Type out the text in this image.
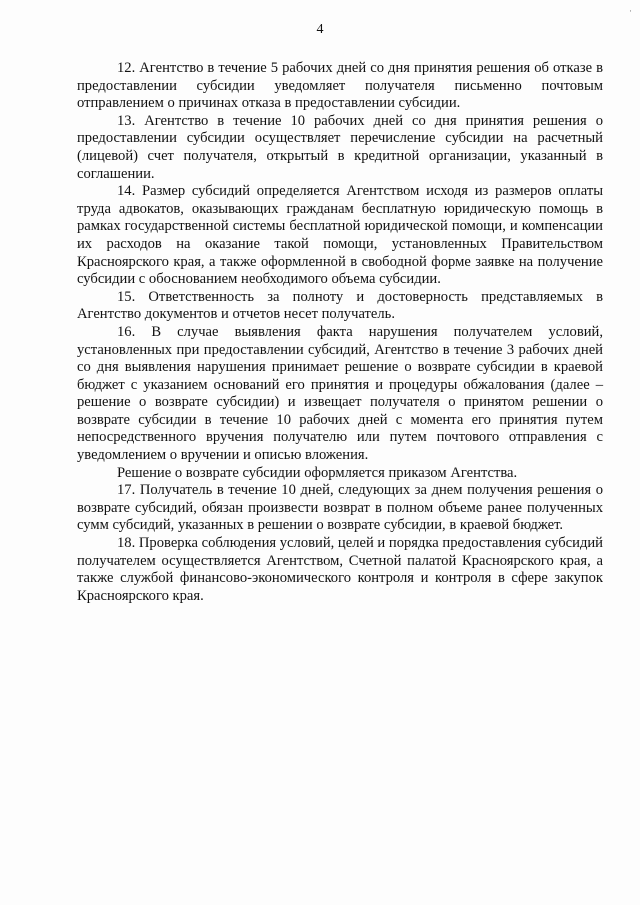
·
4

12. Агентство в течение 5 рабочих дней со дня принятия решения об отказе в предоставлении субсидии уведомляет получателя письменно почтовым отправлением о причинах отказа в предоставлении субсидии.

13. Агентство в течение 10 рабочих дней со дня принятия решения о предоставлении субсидии осуществляет перечисление субсидии на расчетный (лицевой) счет получателя, открытый в кредитной организации, указанный в соглашении.

14. Размер субсидий определяется Агентством исходя из размеров оплаты труда адвокатов, оказывающих гражданам бесплатную юридическую помощь в рамках государственной системы бесплатной юридической помощи, и компенсации их расходов на оказание такой помощи, установленных Правительством Красноярского края, а также оформленной в свободной форме заявке на получение субсидии с обоснованием необходимого объема субсидии.

15. Ответственность за полноту и достоверность представляемых в Агентство документов и отчетов несет получатель.

16. В случае выявления факта нарушения получателем условий, установленных при предоставлении субсидий, Агентство в течение 3 рабочих дней со дня выявления нарушения принимает решение о возврате субсидии в краевой бюджет с указанием оснований его принятия и процедуры обжалования (далее – решение о возврате субсидии) и извещает получателя о принятом решении о возврате субсидии в течение 10 рабочих дней с момента его принятия путем непосредственного вручения получателю или путем почтового отправления с уведомлением о вручении и описью вложения.

Решение о возврате субсидии оформляется приказом Агентства.

17. Получатель в течение 10 дней, следующих за днем получения решения о возврате субсидий, обязан произвести возврат в полном объеме ранее полученных сумм субсидий, указанных в решении о возврате субсидии, в краевой бюджет.

18. Проверка соблюдения условий, целей и порядка предоставления субсидий получателем осуществляется Агентством, Счетной палатой Красноярского края, а также службой финансово-экономического контроля и контроля в сфере закупок Красноярского края.
